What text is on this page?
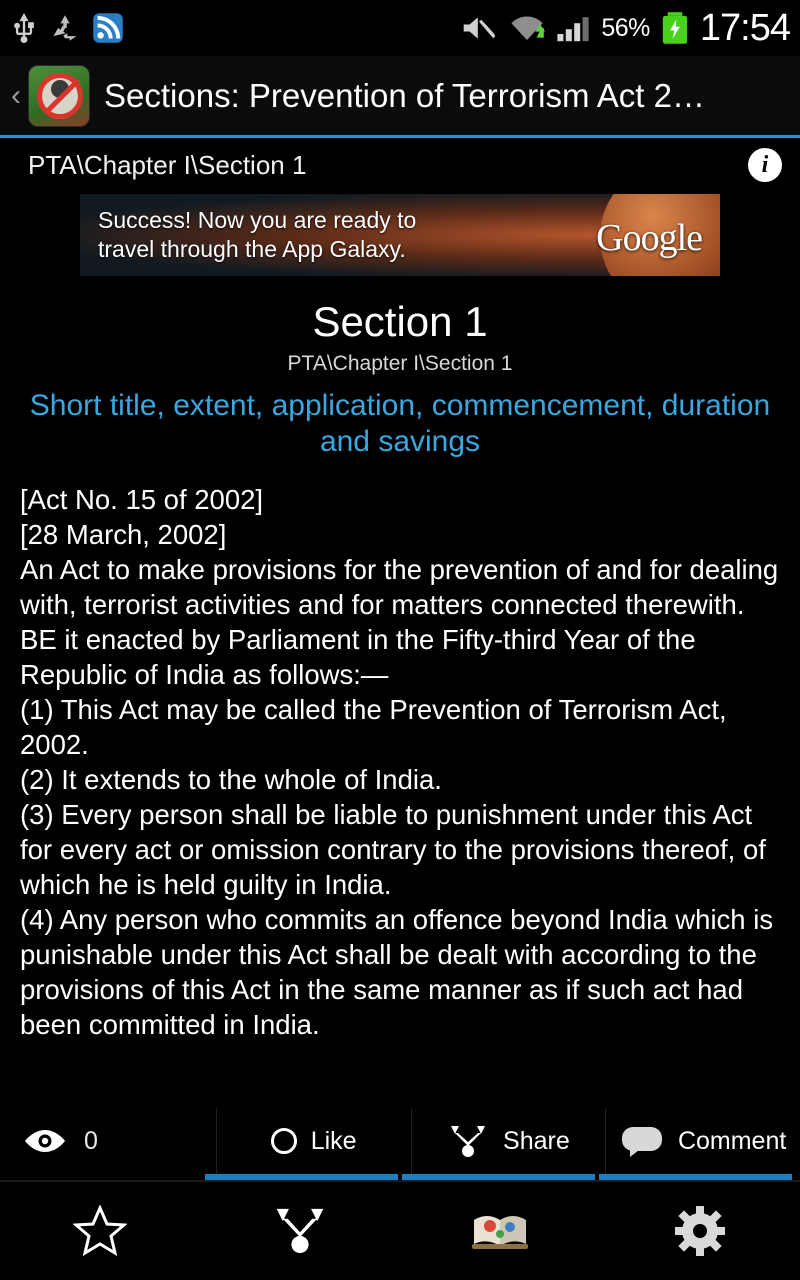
56% 17:54
‹	Sections: Prevention of Terrorism Act 2…
PTA\Chapter I\Section 1	i
Success! Now you are ready to
travel through the App Galaxy.	Google
Section 1
PTA\Chapter I\Section 1
Short title, extent, application, commencement, duration and savings

[Act No. 15 of 2002]

[28 March, 2002]

An Act to make provisions for the prevention of and for dealing with, terrorist activities and for matters connected therewith.

BE it enacted by Parliament in the Fifty-third Year of the Republic of India as follows:—

(1) This Act may be called the Prevention of Terrorism Act, 2002.

(2) It extends to the whole of India.

(3) Every person shall be liable to punishment under this Act for every act or omission contrary to the provisions thereof, of which he is held guilty in India.

(4) Any person who commits an offence beyond India which is punishable under this Act shall be dealt with according to the provisions of this Act in the same manner as if such act had been committed in India.

0	Like	Share	Comment
